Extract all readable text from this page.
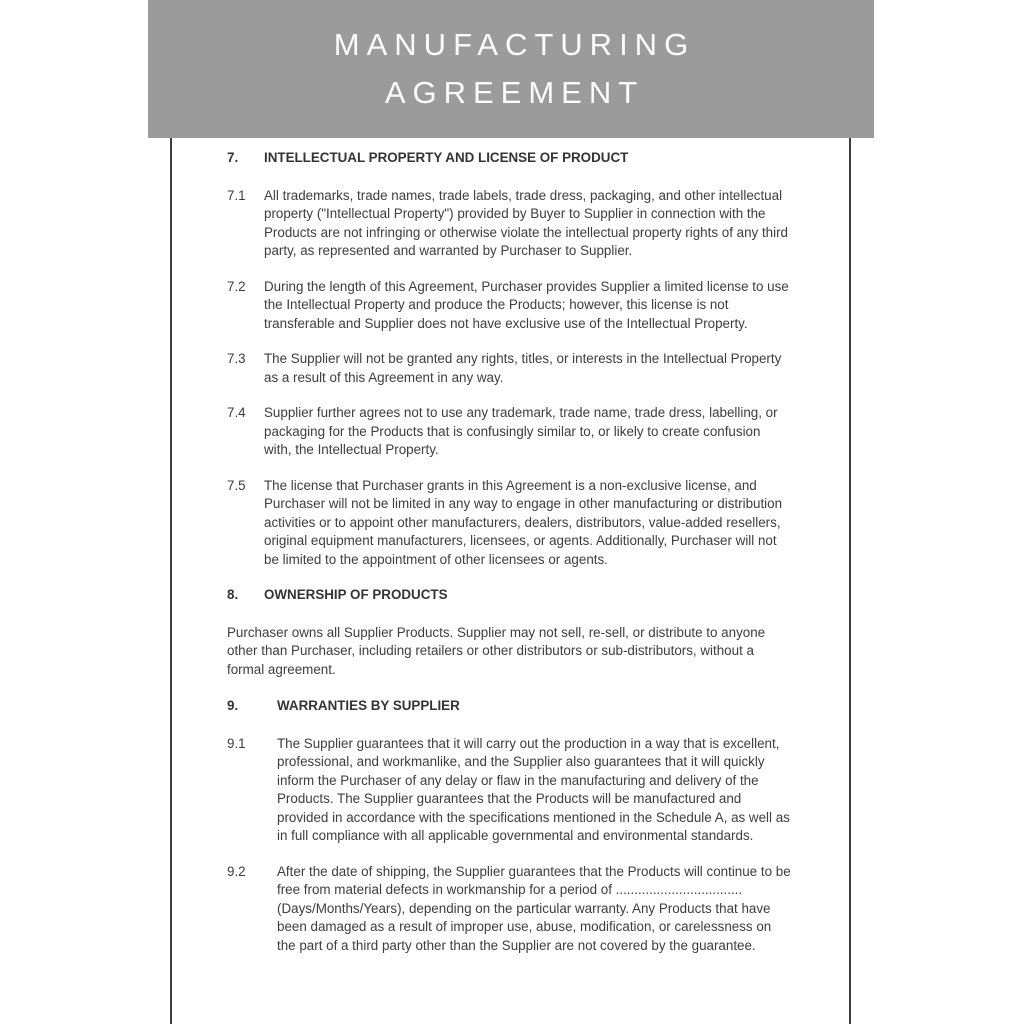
MANUFACTURING
AGREEMENT
7.	INTELLECTUAL PROPERTY AND LICENSE OF PRODUCT
7.1	All trademarks, trade names, trade labels, trade dress, packaging, and other intellectual property ("Intellectual Property") provided by Buyer to Supplier in connection with the Products are not infringing or otherwise violate the intellectual property rights of any third party, as represented and warranted by Purchaser to Supplier.
7.2	During the length of this Agreement, Purchaser provides Supplier a limited license to use the Intellectual Property and produce the Products; however, this license is not transferable and Supplier does not have exclusive use of the Intellectual Property.
7.3	The Supplier will not be granted any rights, titles, or interests in the Intellectual Property as a result of this Agreement in any way.
7.4	Supplier further agrees not to use any trademark, trade name, trade dress, labelling, or packaging for the Products that is confusingly similar to, or likely to create confusion with, the Intellectual Property.
7.5	The license that Purchaser grants in this Agreement is a non-exclusive license, and Purchaser will not be limited in any way to engage in other manufacturing or distribution activities or to appoint other manufacturers, dealers, distributors, value-added resellers, original equipment manufacturers, licensees, or agents. Additionally, Purchaser will not be limited to the appointment of other licensees or agents.
8.	OWNERSHIP OF PRODUCTS
Purchaser owns all Supplier Products. Supplier may not sell, re-sell, or distribute to anyone other than Purchaser, including retailers or other distributors or sub-distributors, without a formal agreement.
9.	WARRANTIES BY SUPPLIER
9.1	The Supplier guarantees that it will carry out the production in a way that is excellent, professional, and workmanlike, and the Supplier also guarantees that it will quickly inform the Purchaser of any delay or flaw in the manufacturing and delivery of the Products. The Supplier guarantees that the Products will be manufactured and provided in accordance with the specifications mentioned in the Schedule A, as well as in full compliance with all applicable governmental and environmental standards.
9.2	After the date of shipping, the Supplier guarantees that the Products will continue to be free from material defects in workmanship for a period of .................................. (Days/Months/Years), depending on the particular warranty. Any Products that have been damaged as a result of improper use, abuse, modification, or carelessness on the part of a third party other than the Supplier are not covered by the guarantee.
